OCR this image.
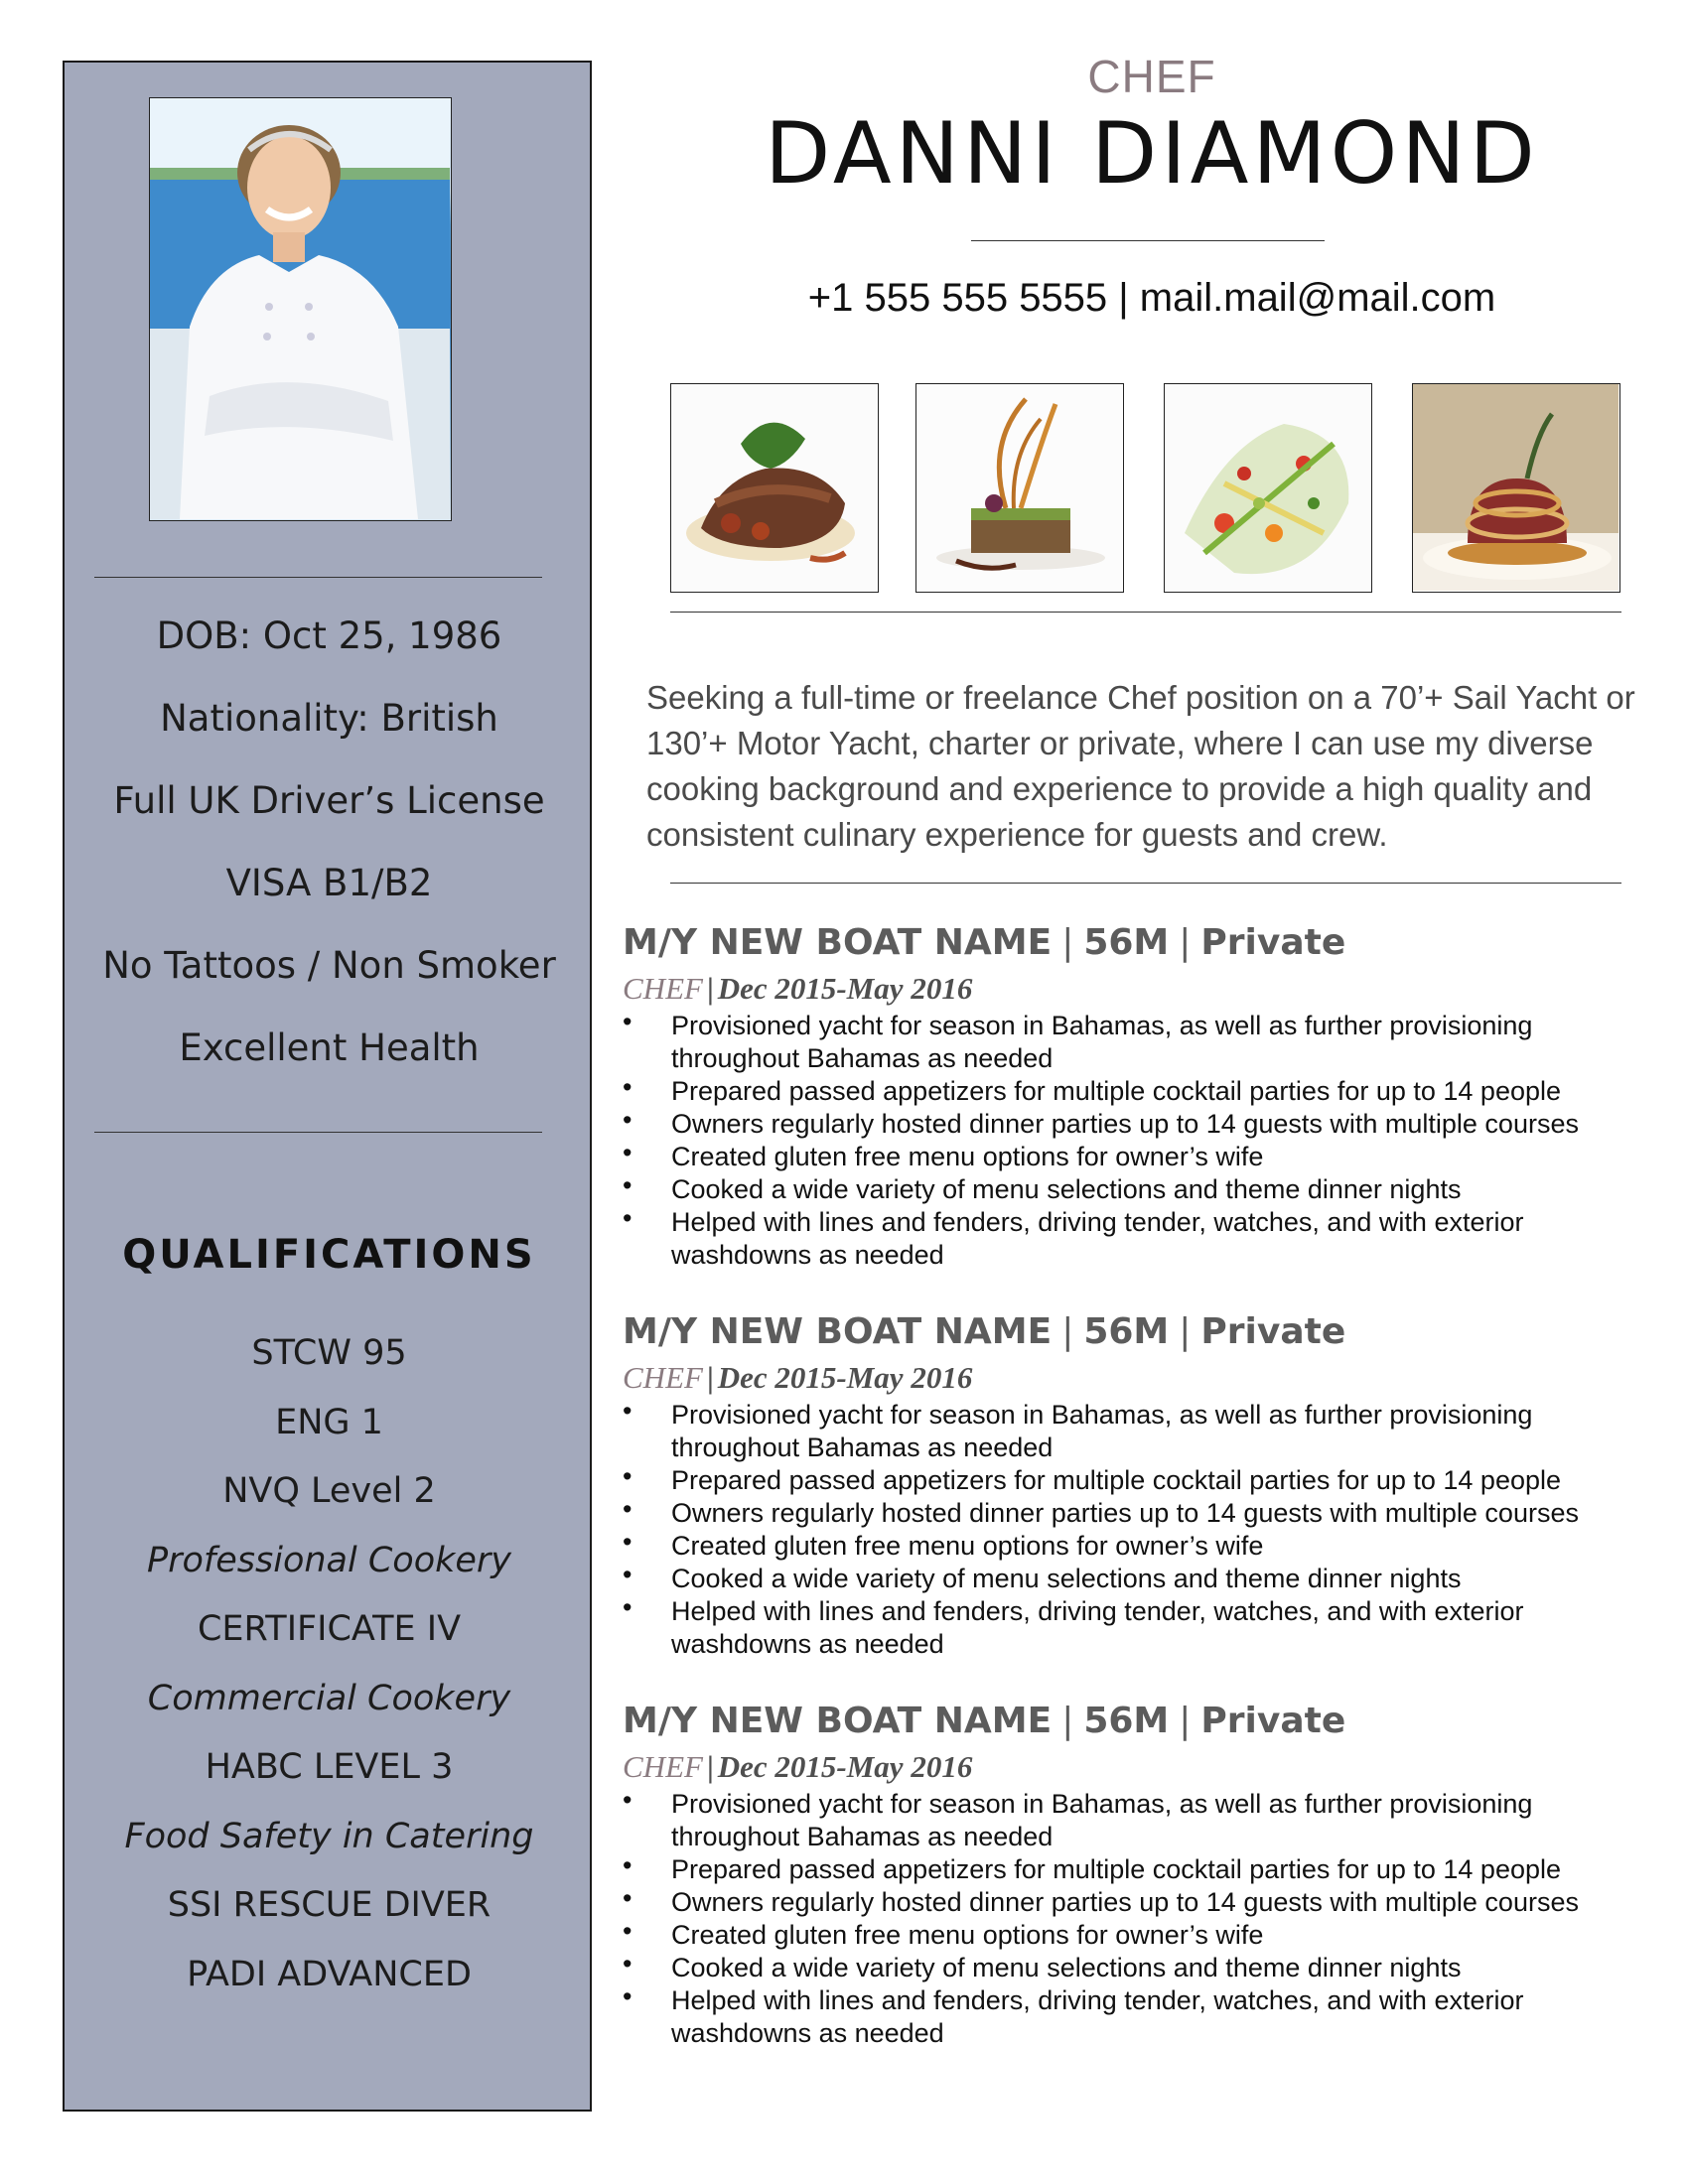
DOB: Oct 25, 1986
Nationality: British
Full UK Driver’s License
VISA B1/B2
No Tattoos / Non Smoker
Excellent Health
QUALIFICATIONS
STCW 95
ENG 1
NVQ Level 2
Professional Cookery
CERTIFICATE IV
Commercial Cookery
HABC LEVEL 3
Food Safety in Catering
SSI RESCUE DIVER
PADI ADVANCED
CHEF
DANNI DIAMOND
+1 555 555 5555 | mail.mail@mail.com

Seeking a full-time or freelance Chef position on a 70’+ Sail Yacht or 130’+ Motor Yacht, charter or private, where I can use my diverse cooking background and experience to provide a high quality and consistent culinary experience for guests and crew.

M/Y NEW BOAT NAME | 56M | Private
CHEF | Dec 2015-May 2016
• Provisioned yacht for season in Bahamas, as well as further provisioning throughout Bahamas as needed
• Prepared passed appetizers for multiple cocktail parties for up to 14 people
• Owners regularly hosted dinner parties up to 14 guests with multiple courses
• Created gluten free menu options for owner’s wife
• Cooked a wide variety of menu selections and theme dinner nights
• Helped with lines and fenders, driving tender, watches, and with exterior washdowns as needed
M/Y NEW BOAT NAME | 56M | Private
CHEF | Dec 2015-May 2016
• Provisioned yacht for season in Bahamas, as well as further provisioning throughout Bahamas as needed
• Prepared passed appetizers for multiple cocktail parties for up to 14 people
• Owners regularly hosted dinner parties up to 14 guests with multiple courses
• Created gluten free menu options for owner’s wife
• Cooked a wide variety of menu selections and theme dinner nights
• Helped with lines and fenders, driving tender, watches, and with exterior washdowns as needed
M/Y NEW BOAT NAME | 56M | Private
CHEF | Dec 2015-May 2016
• Provisioned yacht for season in Bahamas, as well as further provisioning throughout Bahamas as needed
• Prepared passed appetizers for multiple cocktail parties for up to 14 people
• Owners regularly hosted dinner parties up to 14 guests with multiple courses
• Created gluten free menu options for owner’s wife
• Cooked a wide variety of menu selections and theme dinner nights
• Helped with lines and fenders, driving tender, watches, and with exterior washdowns as needed
